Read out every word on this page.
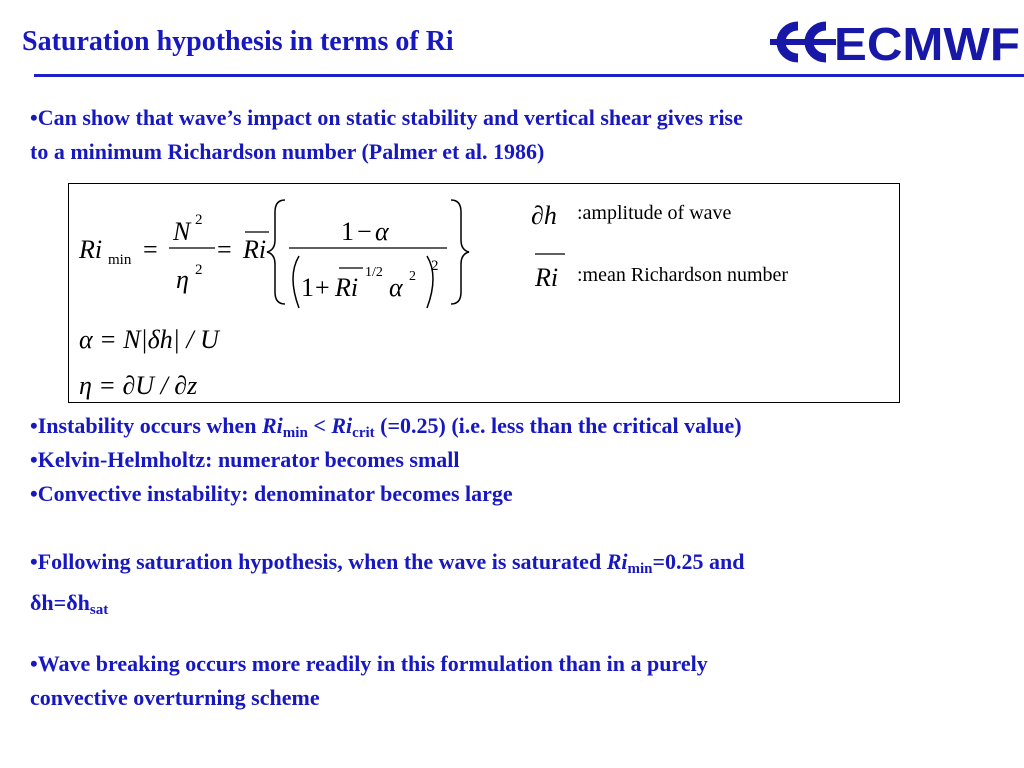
Saturation hypothesis in terms of Ri	ECMWF

•Can show that wave’s impact on static stability and vertical shear gives rise
to a minimum Richardson number (Palmer et al. 1986)

Ri min =
N 2
η 2
= Ri
1 − α
1 + Ri
1/2
α 2
2
α = N|δh| / U
η = ∂U / ∂z
∂h
Ri
:amplitude of wave
:mean Richardson number

•Instability occurs when $Ri_{min} < Ri_{crit}$ (=0.25) (i.e. less than the critical value)

•Kelvin-Helmholtz: numerator becomes small

•Convective instability: denominator becomes large

•Following saturation hypothesis, when the wave is saturated $Ri_{min}=0.25$ and
$\delta h=\delta h_{sat}$

•Wave breaking occurs more readily in this formulation than in a purely
convective overturning scheme
